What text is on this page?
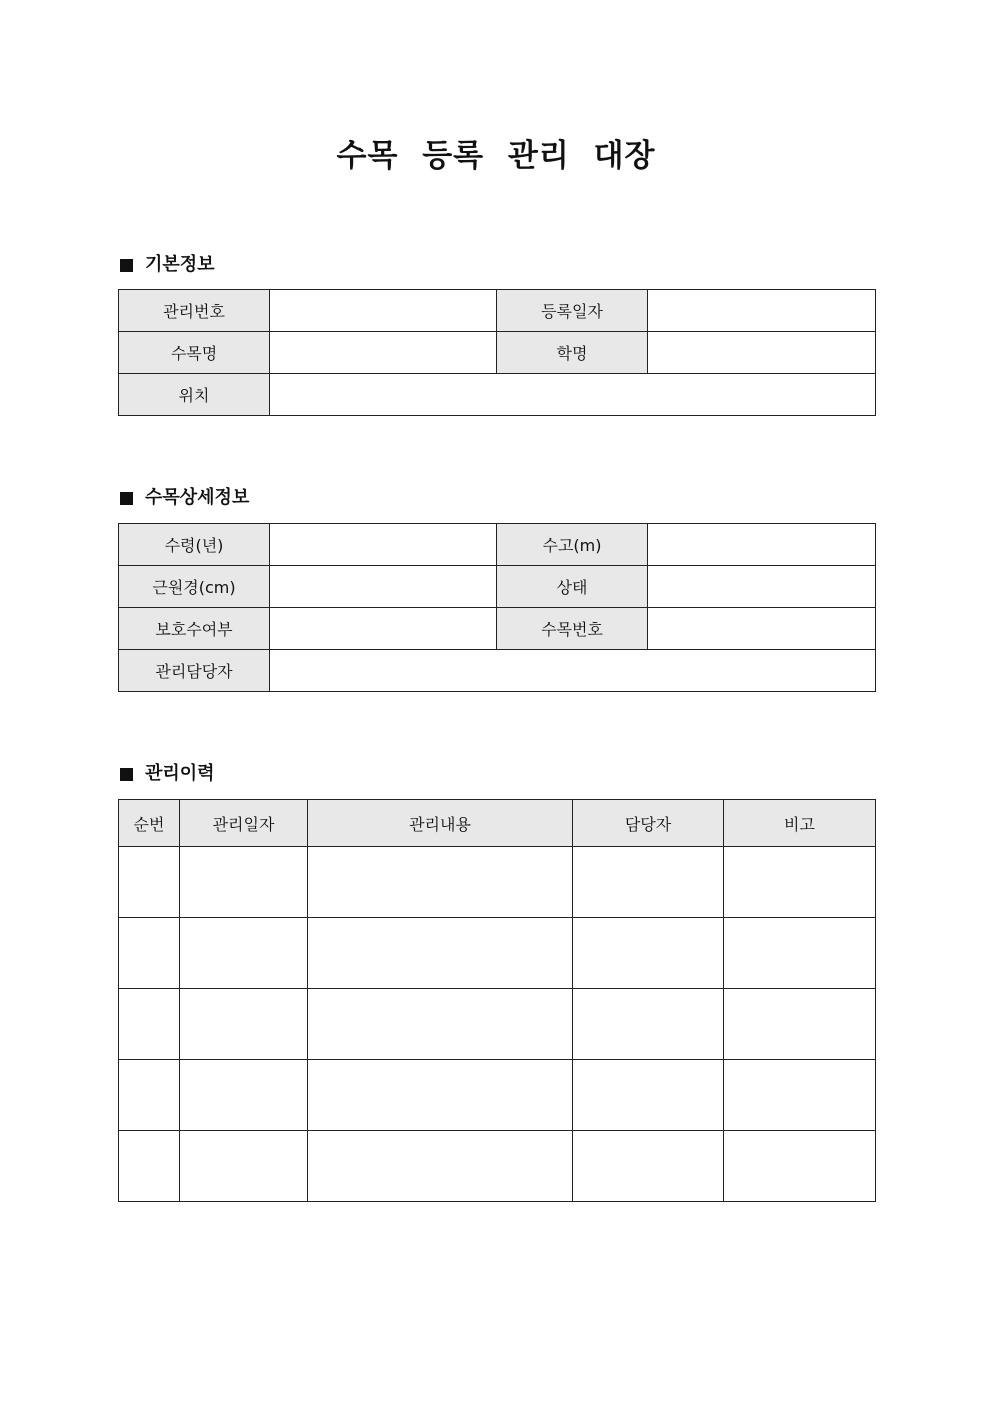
수목 등록 관리 대장
기본정보
관리번호		등록일자	
수목명		학명	
위치			
수목상세정보
수령(년)		수고(m)	
근원경(cm)		상태	
보호수여부		수목번호	
관리담당자			
관리이력
순번	관리일자	관리내용	담당자	비고
